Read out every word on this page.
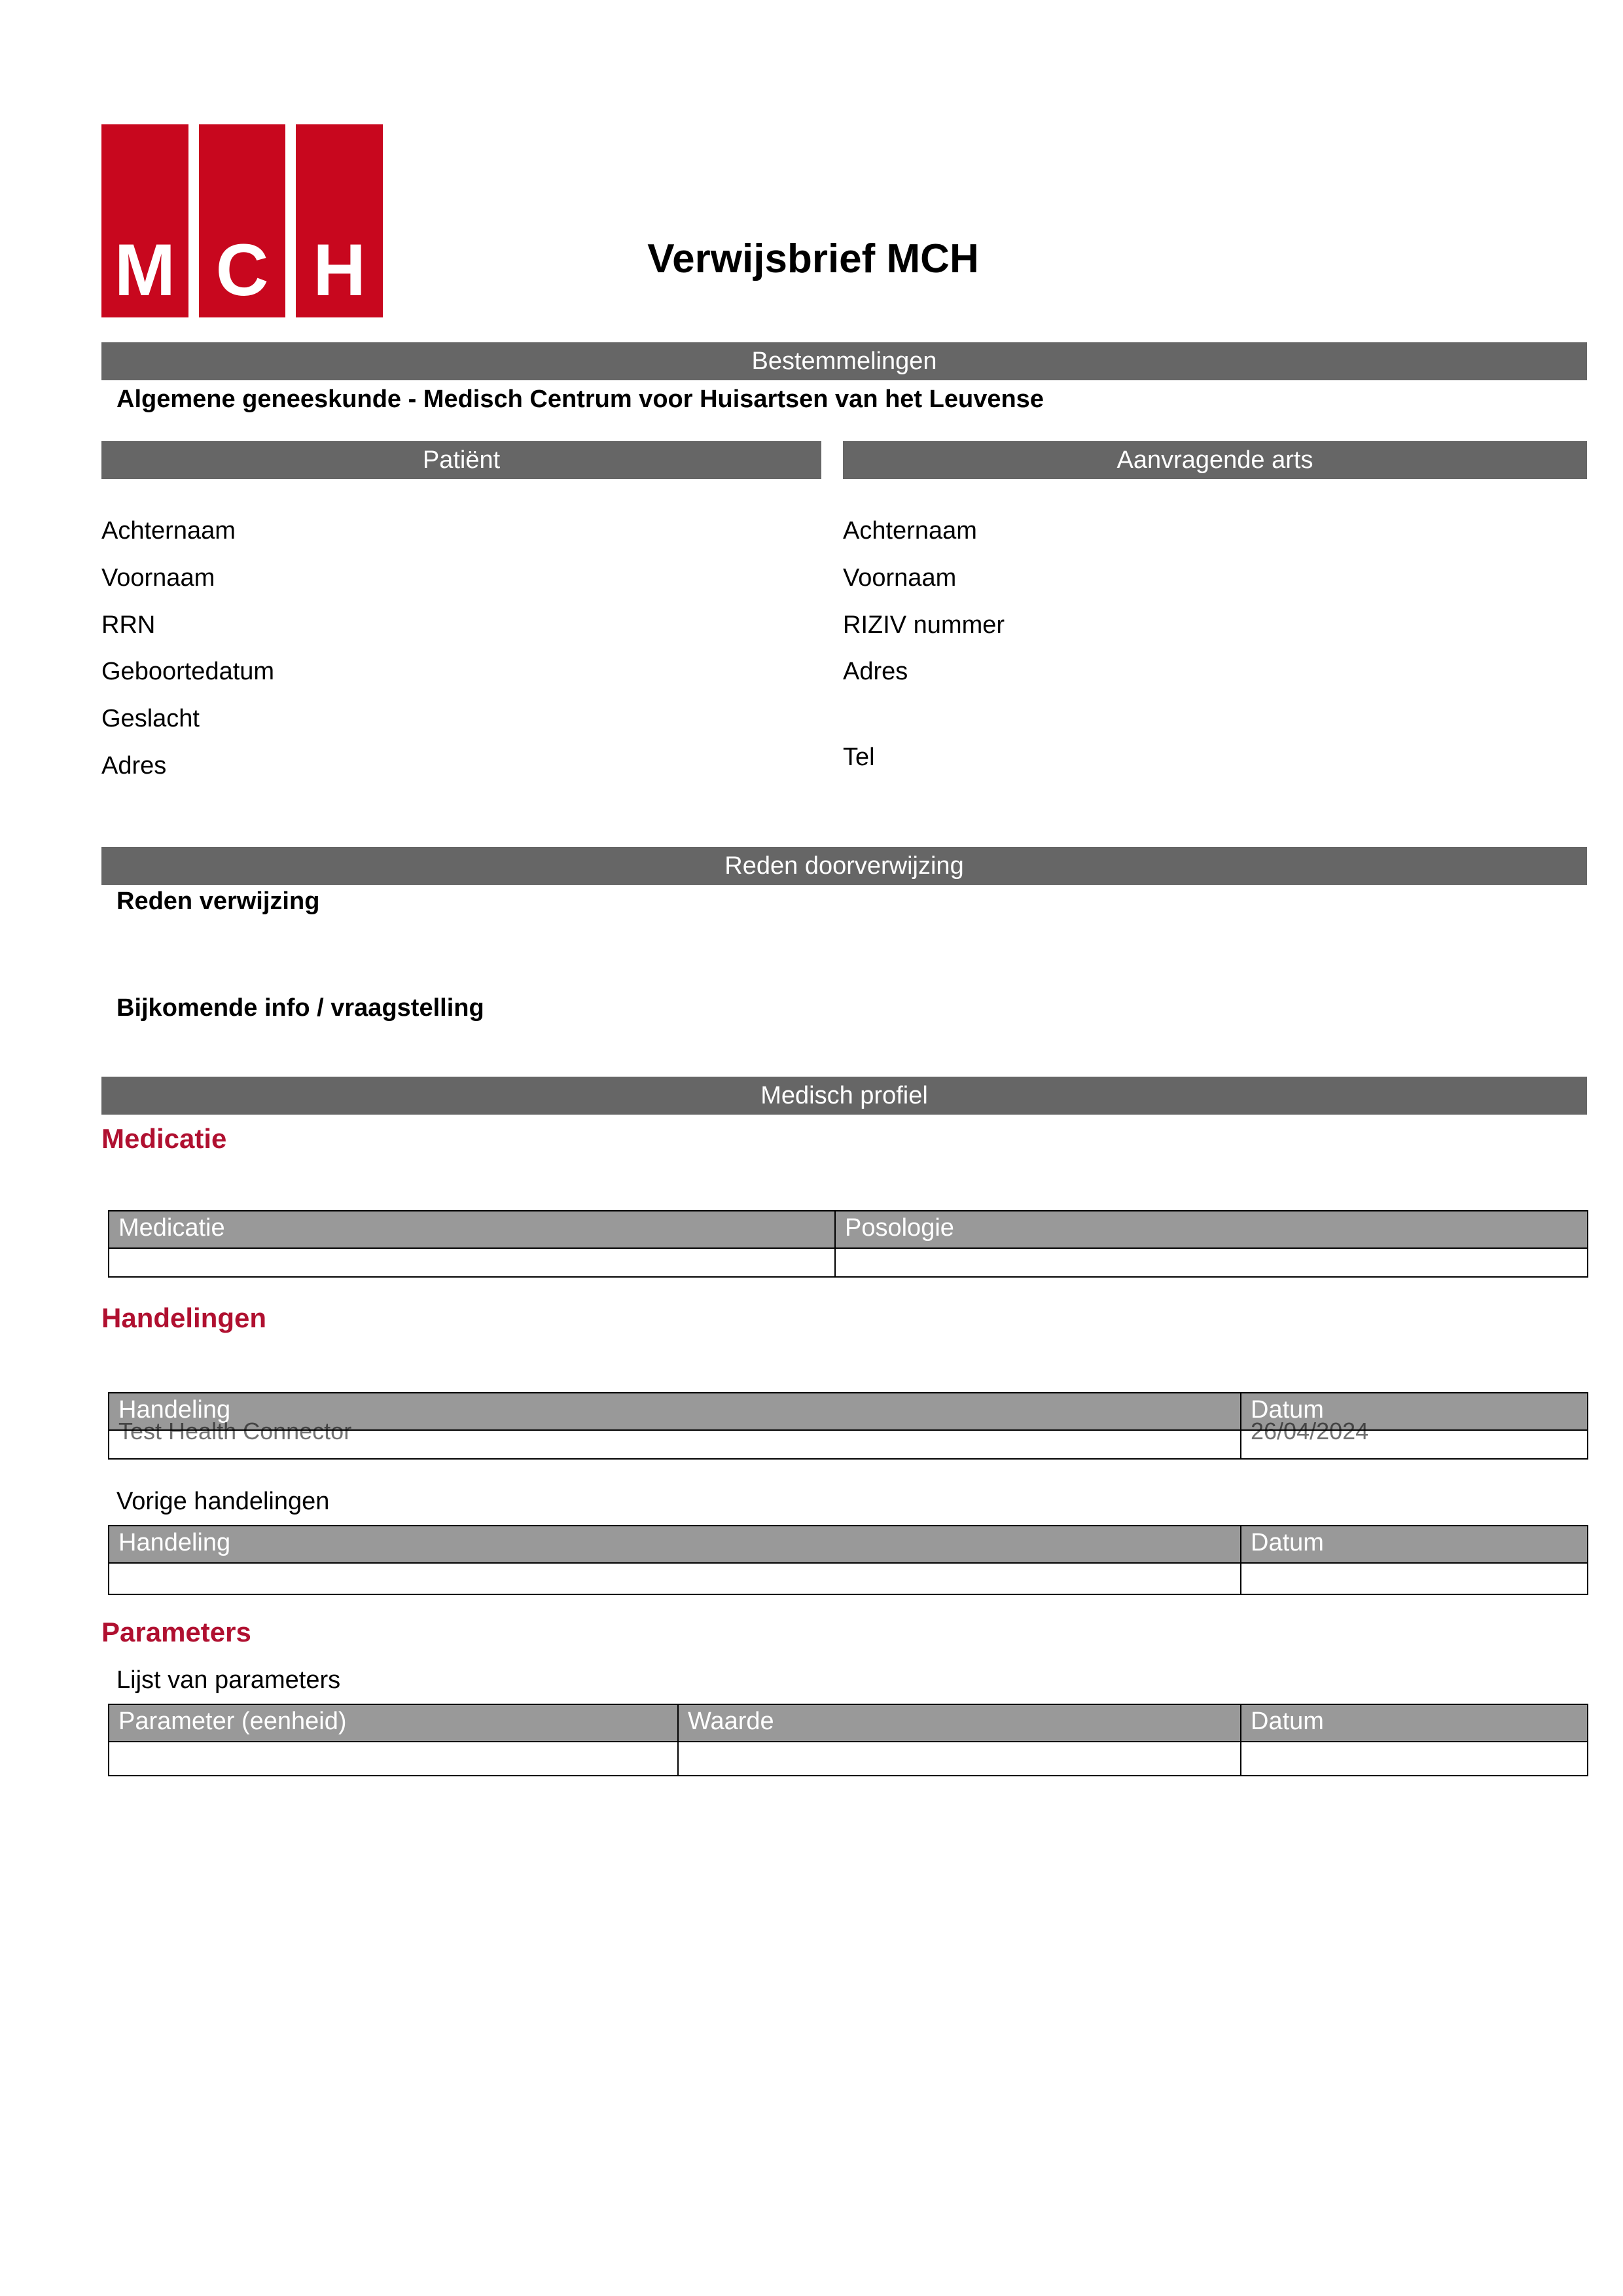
M C H	Verwijsbrief MCH
Bestemmelingen
Algemene geneeskunde - Medisch Centrum voor Huisartsen van het Leuvense
Patiënt	Aanvragende arts
Achternaam
Voornaam
RRN
Geboortedatum
Geslacht
Adres
Achternaam
Voornaam
RIZIV nummer
Adres
Tel
Reden doorverwijzing
Reden verwijzing
Bijkomende info / vraagstelling
Medisch profiel
Medicatie
Medicatie	Posologie

Handelingen
Handeling	Datum

Test Health Connector	26/04/2024
Vorige handelingen
Handeling	Datum

Parameters
Lijst van parameters
Parameter (eenheid)	Waarde	Datum
